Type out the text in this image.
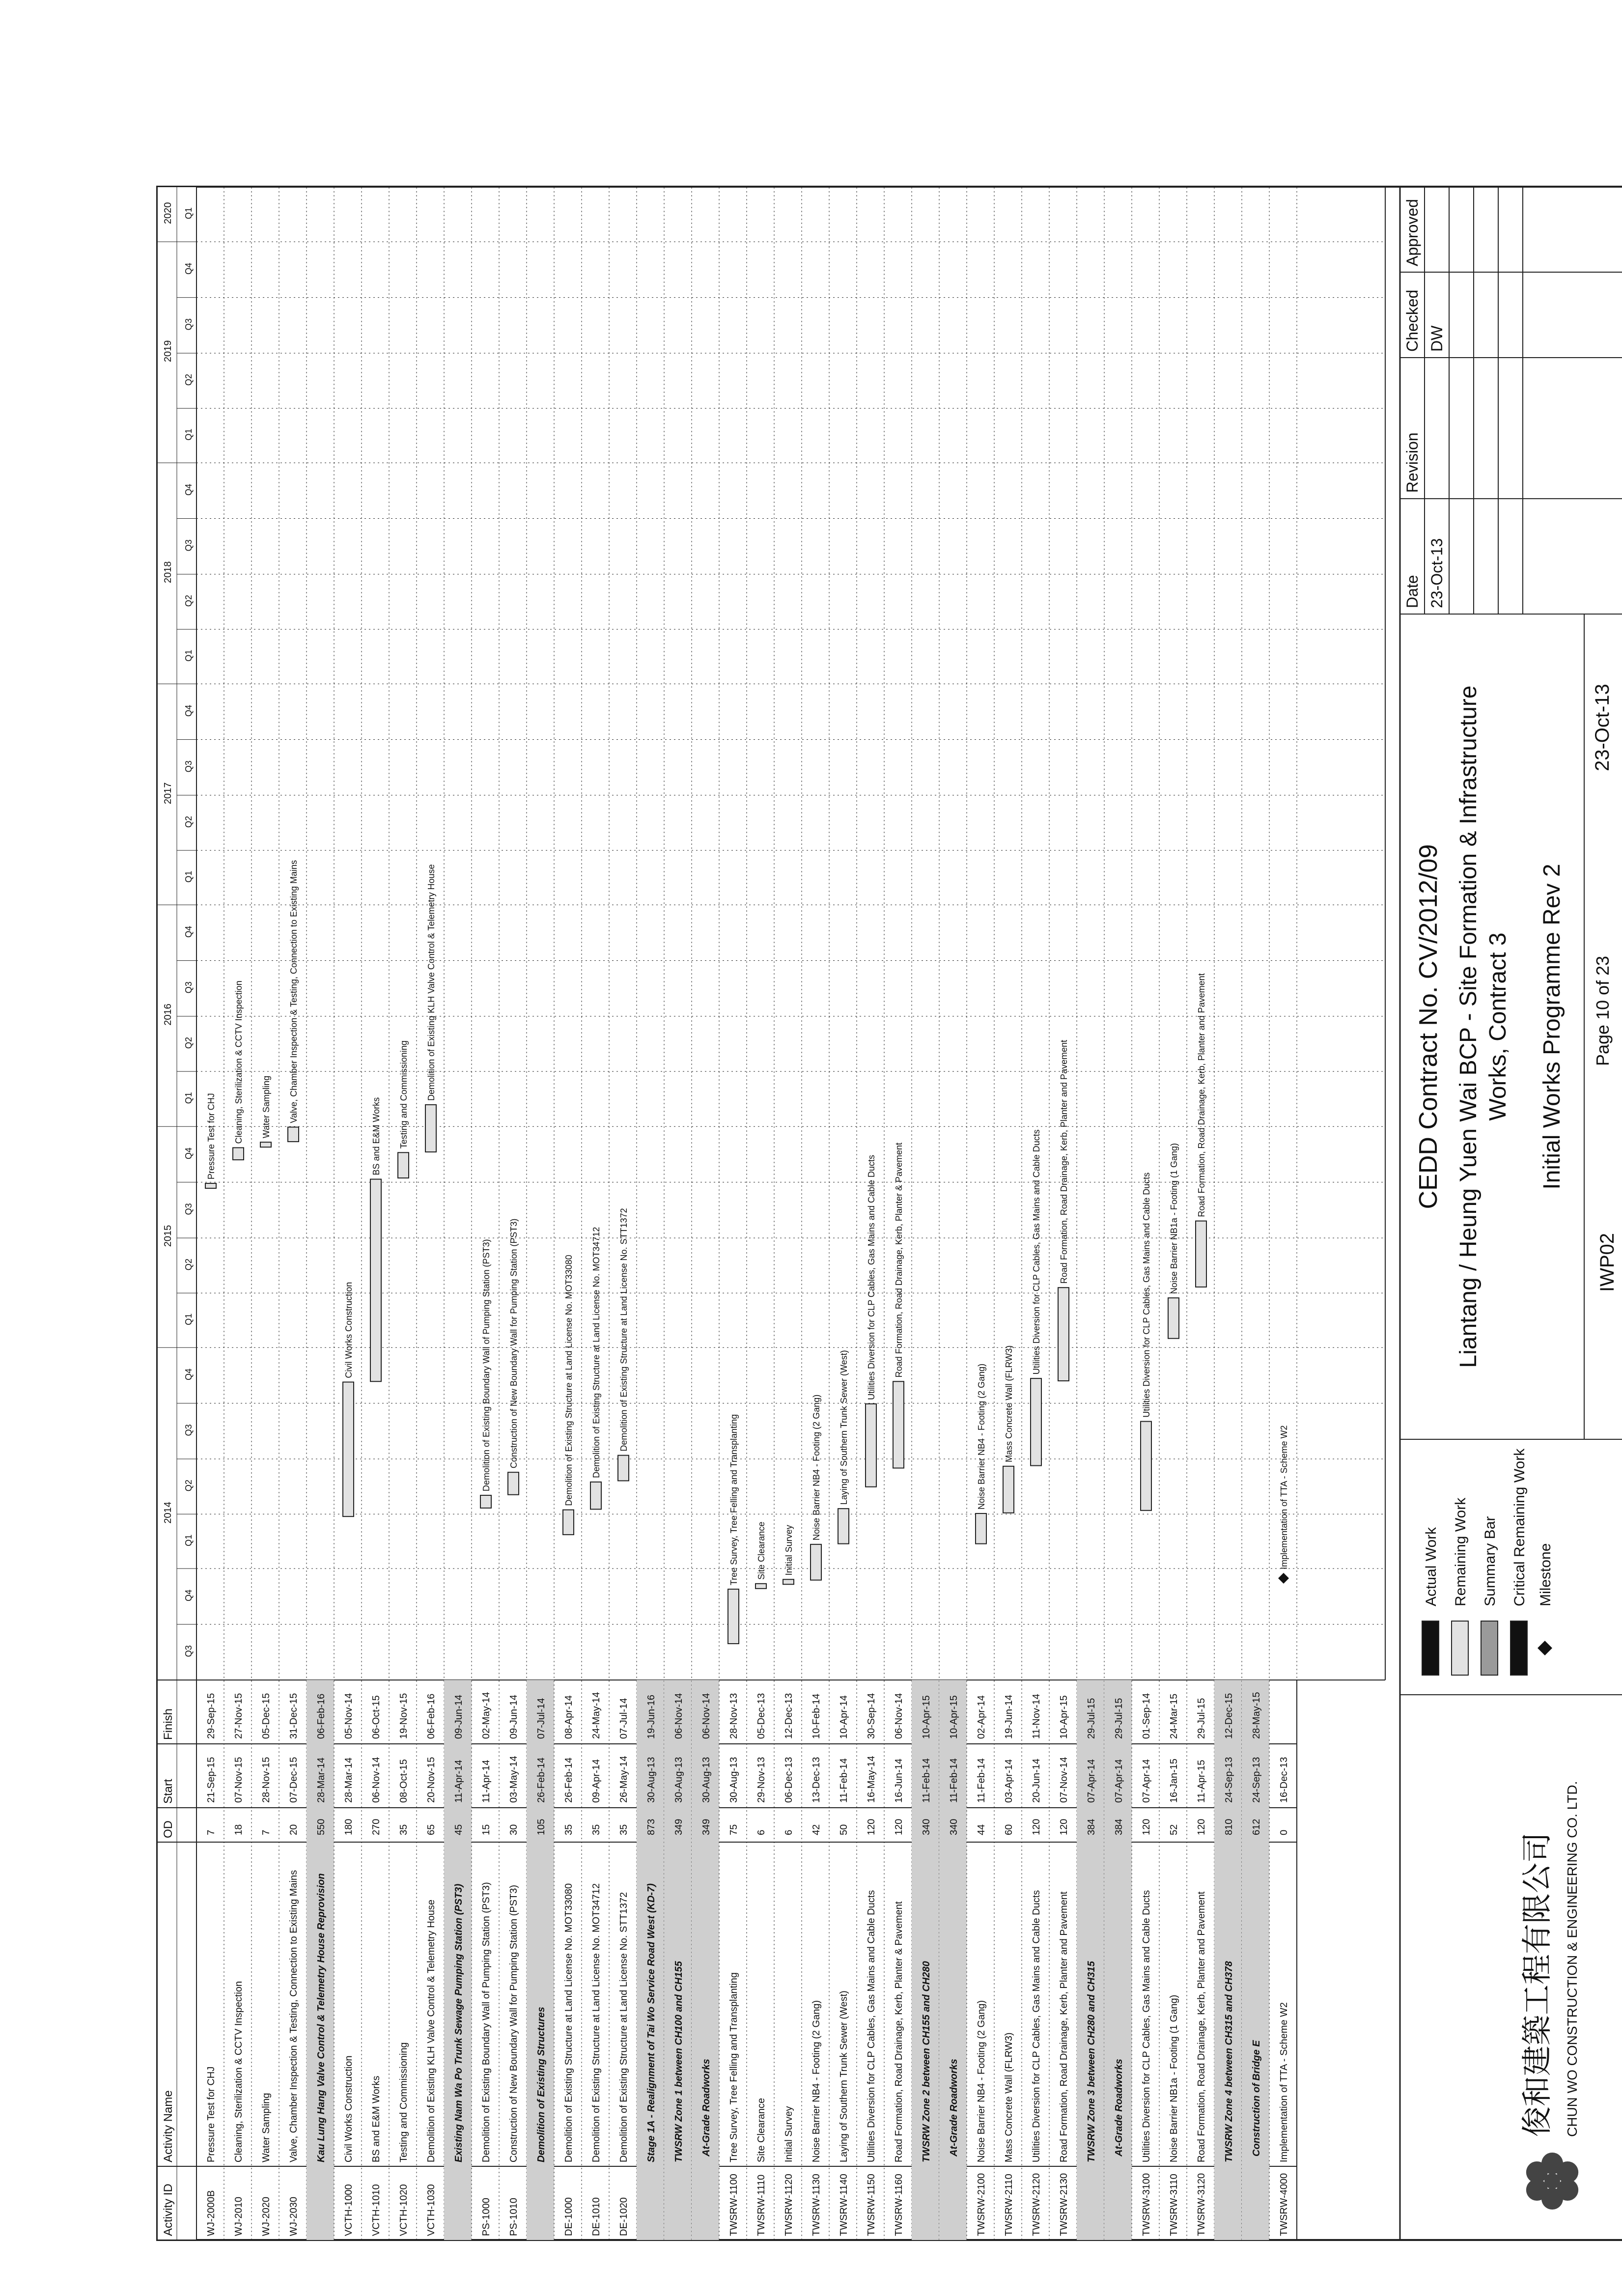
Activity ID
Activity Name
OD
Start
Finish
2014
2015
2016
2017
2018
2019
2020
Q3
Q4
Q1
Q2
Q3
Q4
Q1
Q2
Q3
Q4
Q1
Q2
Q3
Q4
Q1
Q2
Q3
Q4
Q1
Q2
Q3
Q4
Q1
Q2
Q3
Q4
Q1
WJ-2000B
Pressure Test for CHJ
7
21-Sep-15
29-Sep-15
Pressure Test for CHJ
WJ-2010
Cleaning, Sterilization & CCTV Inspection
18
07-Nov-15
27-Nov-15
Cleaning, Sterilization & CCTV Inspection
WJ-2020
Water Sampling
7
28-Nov-15
05-Dec-15
Water Sampling
WJ-2030
Valve, Chamber Inspection & Testing, Connection to Existing Mains
20
07-Dec-15
31-Dec-15
Valve, Chamber Inspection & Testing, Connection to Existing Mains
Kau Lung Hang Valve Control & Telemetry House Reprovision
550
28-Mar-14
06-Feb-16
VCTH-1000
Civil Works Construction
180
28-Mar-14
05-Nov-14
Civil Works Construction
VCTH-1010
BS and E&M Works
270
06-Nov-14
06-Oct-15
BS and E&M Works
VCTH-1020
Testing and Commissioning
35
08-Oct-15
19-Nov-15
Testing and Commissioning
VCTH-1030
Demolition of Existing KLH Valve Control & Telemetry House
65
20-Nov-15
06-Feb-16
Demolition of Existing KLH Valve Control & Telemetry House
Existing Nam Wa Po Trunk Sewage Pumping Station (PST3)
45
11-Apr-14
09-Jun-14
PS-1000
Demolition of Existing Boundary Wall of Pumping Station (PST3)
15
11-Apr-14
02-May-14
Demolition of Existing Boundary Wall of Pumping Station (PST3)
PS-1010
Construction of New Boundary Wall for Pumping Station (PST3)
30
03-May-14
09-Jun-14
Construction of New Boundary Wall for Pumping Station (PST3)
Demolition of Existing Structures
105
26-Feb-14
07-Jul-14
DE-1000
Demolition of Existing Structure at Land License No. MOT33080
35
26-Feb-14
08-Apr-14
Demolition of Existing Structure at Land License No. MOT33080
DE-1010
Demolition of Existing Structure at Land License No. MOT34712
35
09-Apr-14
24-May-14
Demolition of Existing Structure at Land License No. MOT34712
DE-1020
Demolition of Existing Structure at Land License No. STT1372
35
26-May-14
07-Jul-14
Demolition of Existing Structure at Land License No. STT1372
Stage 1A - Realignment of Tai Wo Service Road West (KD-7)
873
30-Aug-13
19-Jun-16
TWSRW Zone 1 between CH100 and CH155
349
30-Aug-13
06-Nov-14
At-Grade Roadworks
349
30-Aug-13
06-Nov-14
TWSRW-1100
Tree Survey, Tree Felling and Transplanting
75
30-Aug-13
28-Nov-13
Tree Survey, Tree Felling and Transplanting
TWSRW-1110
Site Clearance
6
29-Nov-13
05-Dec-13
Site Clearance
TWSRW-1120
Initial Survey
6
06-Dec-13
12-Dec-13
Initial Survey
TWSRW-1130
Noise Barrier NB4 - Footing (2 Gang)
42
13-Dec-13
10-Feb-14
Noise Barrier NB4 - Footing (2 Gang)
TWSRW-1140
Laying of Southern Trunk Sewer (West)
50
11-Feb-14
10-Apr-14
Laying of Southern Trunk Sewer (West)
TWSRW-1150
Utilities Diversion for CLP Cables, Gas Mains and Cable Ducts
120
16-May-14
30-Sep-14
Utilities Diversion for CLP Cables, Gas Mains and Cable Ducts
TWSRW-1160
Road Formation, Road Drainage, Kerb, Planter & Pavement
120
16-Jun-14
06-Nov-14
Road Formation, Road Drainage, Kerb, Planter & Pavement
TWSRW Zone 2 between CH155 and CH280
340
11-Feb-14
10-Apr-15
At-Grade Roadworks
340
11-Feb-14
10-Apr-15
TWSRW-2100
Noise Barrier NB4 - Footing (2 Gang)
44
11-Feb-14
02-Apr-14
Noise Barrier NB4 - Footing (2 Gang)
TWSRW-2110
Mass Concrete Wall (FLRW3)
60
03-Apr-14
19-Jun-14
Mass Concrete Wall (FLRW3)
TWSRW-2120
Utilities Diversion for CLP Cables, Gas Mains and Cable Ducts
120
20-Jun-14
11-Nov-14
Utilities Diversion for CLP Cables, Gas Mains and Cable Ducts
TWSRW-2130
Road Formation, Road Drainage, Kerb, Planter and Pavement
120
07-Nov-14
10-Apr-15
Road Formation, Road Drainage, Kerb, Planter and Pavement
TWSRW Zone 3 between CH280 and CH315
384
07-Apr-14
29-Jul-15
At-Grade Roadworks
384
07-Apr-14
29-Jul-15
TWSRW-3100
Utilities Diversion for CLP Cables, Gas Mains and Cable Ducts
120
07-Apr-14
01-Sep-14
Utilities Diversion for CLP Cables, Gas Mains and Cable Ducts
TWSRW-3110
Noise Barrier NB1a - Footing (1 Gang)
52
16-Jan-15
24-Mar-15
Noise Barrier NB1a - Footing (1 Gang)
TWSRW-3120
Road Formation, Road Drainage, Kerb, Planter and Pavement
120
11-Apr-15
29-Jul-15
Road Formation, Road Drainage, Kerb, Planter and Pavement
TWSRW Zone 4 between CH315 and CH378
810
24-Sep-13
12-Dec-15
Construction of Bridge E
612
24-Sep-13
28-May-15
TWSRW-4000
Implementation of TTA - Scheme W2
0
16-Dec-13
Implementation of TTA - Scheme W2
俊和建築工程有限公司 CHUN WO CONSTRUCTION & ENGINEERING CO. LTD.
Actual Work Remaining Work Summary Bar Critical Remaining Work Milestone
CEDD Contract No. CV/2012/09 Liantang / Heung Yuen Wai BCP - Site Formation & Infrastructure Works, Contract 3 Initial Works Programme Rev 2
IWP02
Page 10 of 23
23-Oct-13
Date
Revision
Checked
Approved
23-Oct-13
DW
